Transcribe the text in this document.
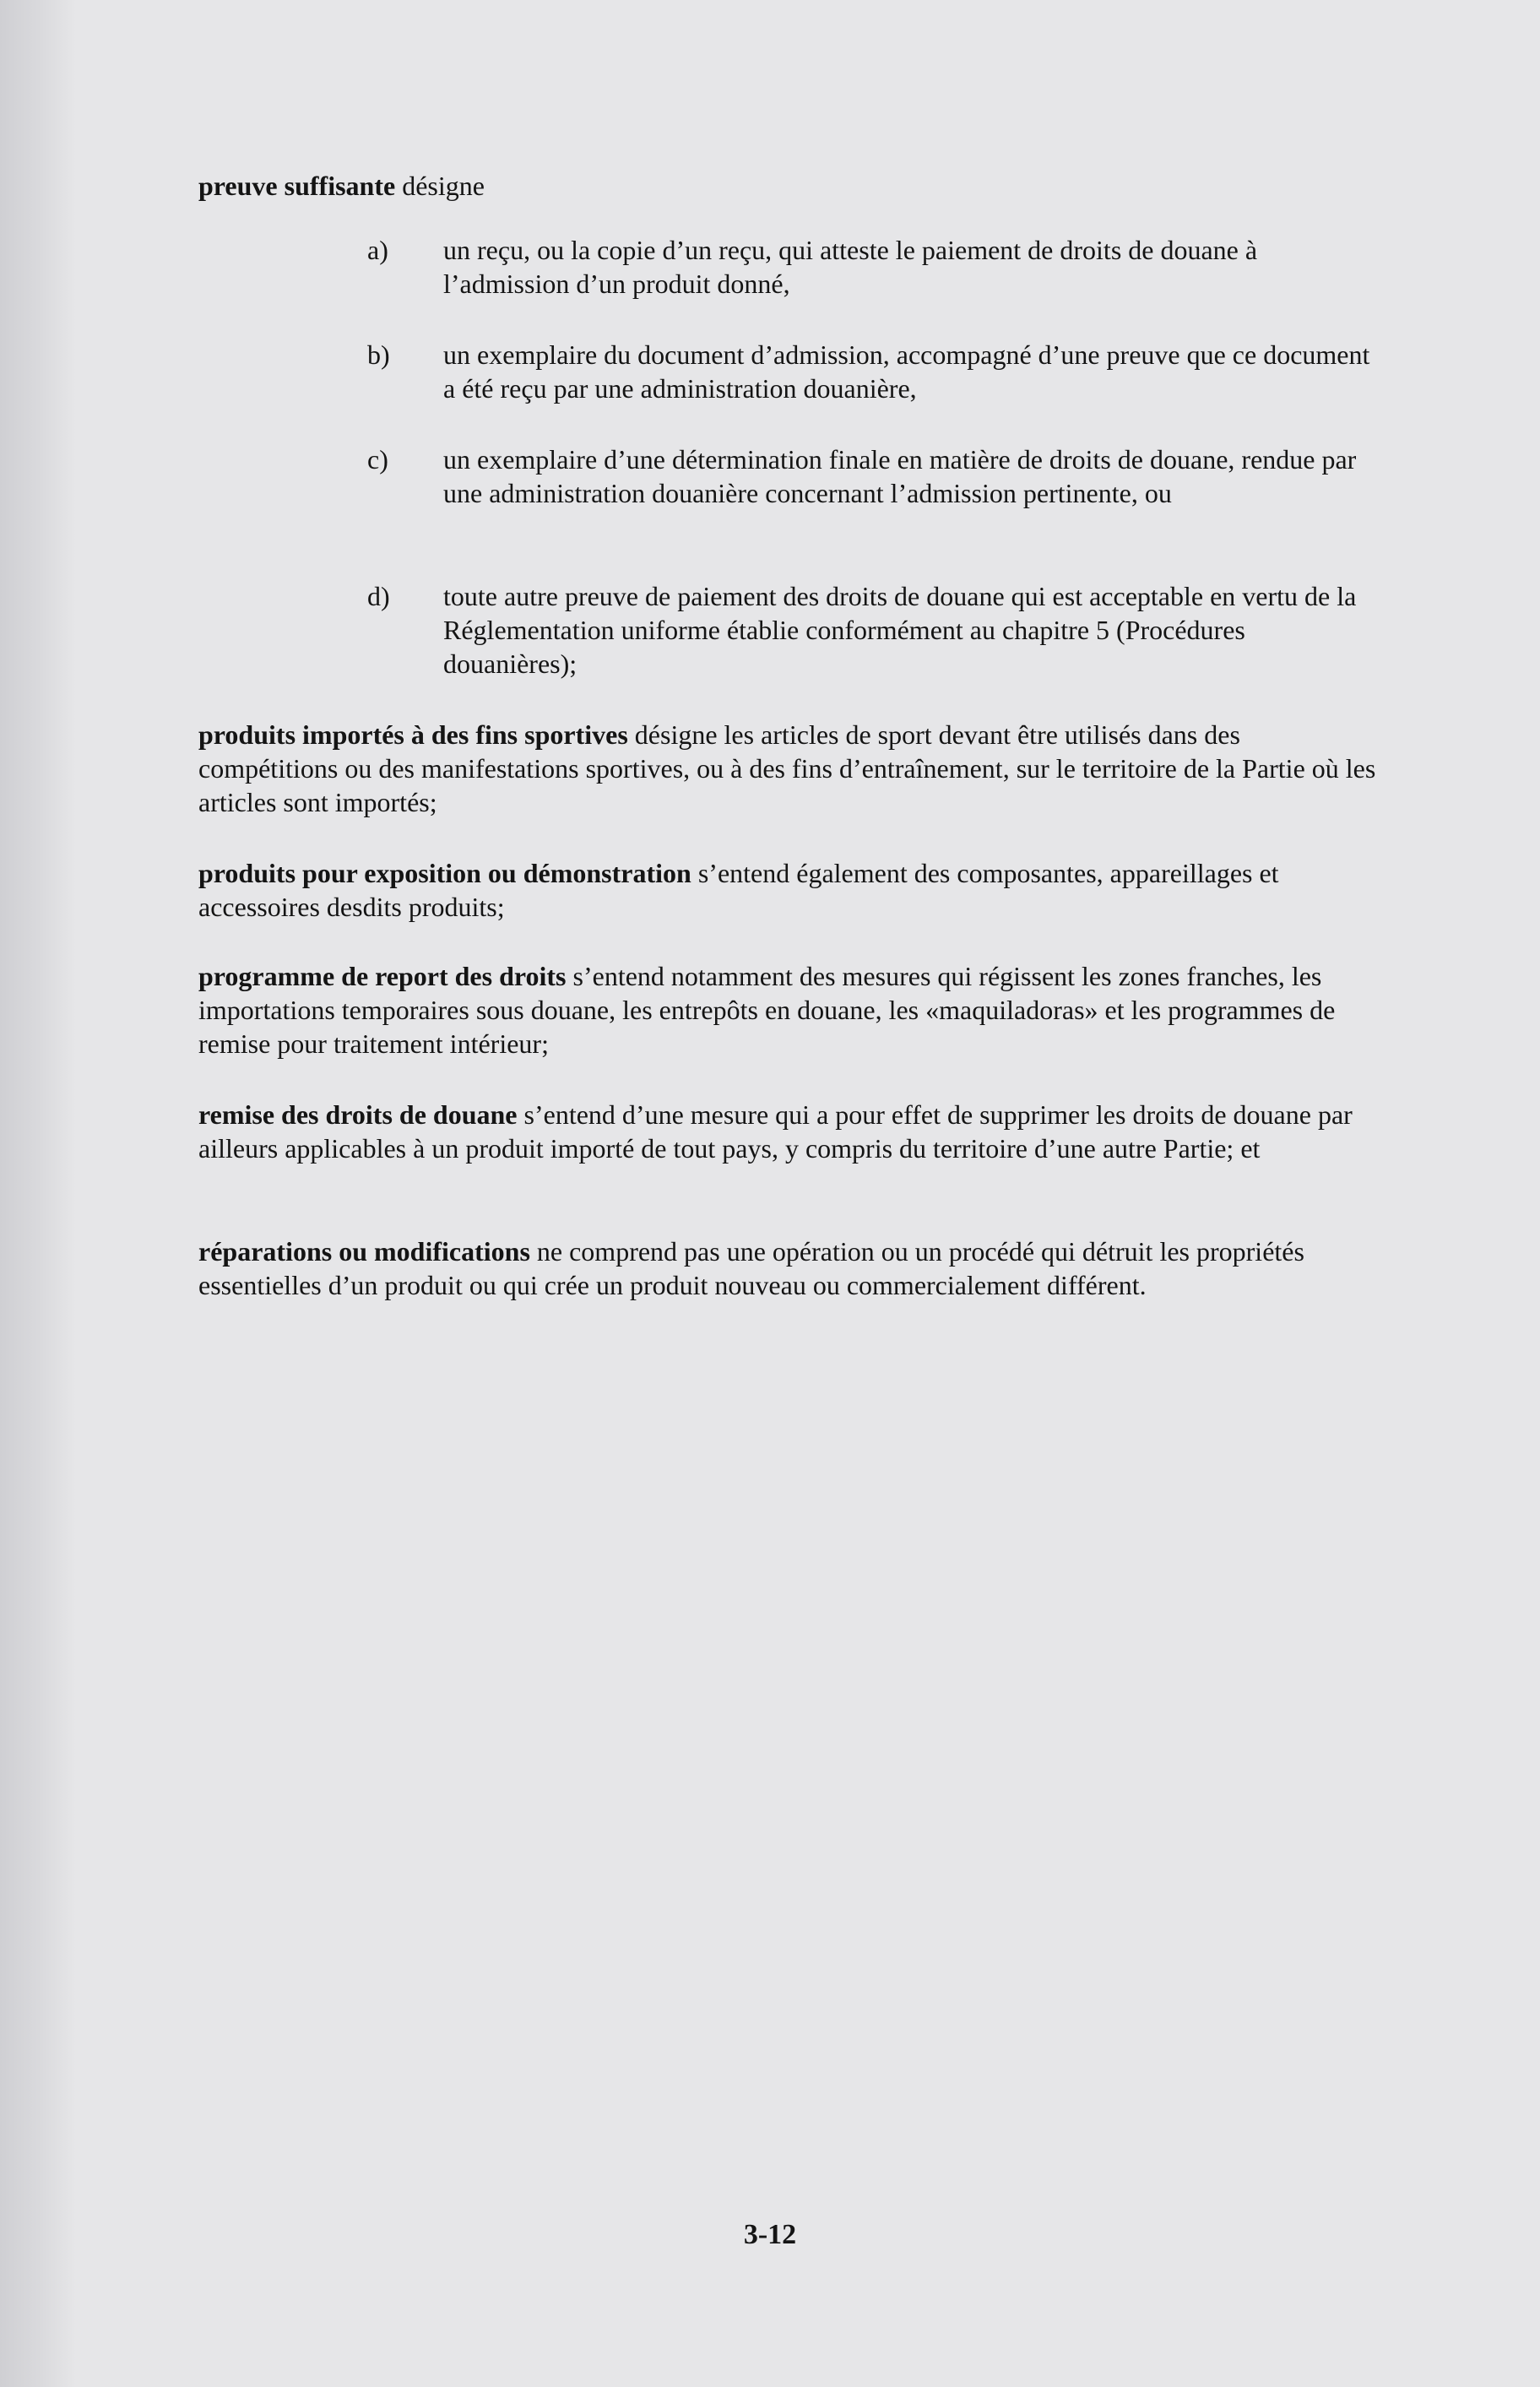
preuve suffisante désigne

a) un reçu, ou la copie d’un reçu, qui atteste le paiement de droits de douane à l’admission d’un produit donné,

b) un exemplaire du document d’admission, accompagné d’une preuve que ce document a été reçu par une administration douanière,

c) un exemplaire d’une détermination finale en matière de droits de douane, rendue par une administration douanière concernant l’admission pertinente, ou

d) toute autre preuve de paiement des droits de douane qui est acceptable en vertu de la Réglementation uniforme établie conformément au chapitre 5 (Procédures douanières);

produits importés à des fins sportives désigne les articles de sport devant être utilisés dans des compétitions ou des manifestations sportives, ou à des fins d’entraînement, sur le territoire de la Partie où les articles sont importés;

produits pour exposition ou démonstration s’entend également des composantes, appareillages et accessoires desdits produits;

programme de report des droits s’entend notamment des mesures qui régissent les zones franches, les importations temporaires sous douane, les entrepôts en douane, les «maquiladoras» et les programmes de remise pour traitement intérieur;

remise des droits de douane s’entend d’une mesure qui a pour effet de supprimer les droits de douane par ailleurs applicables à un produit importé de tout pays, y compris du territoire d’une autre Partie; et

réparations ou modifications ne comprend pas une opération ou un procédé qui détruit les propriétés essentielles d’un produit ou qui crée un produit nouveau ou commercialement différent.

3-12
